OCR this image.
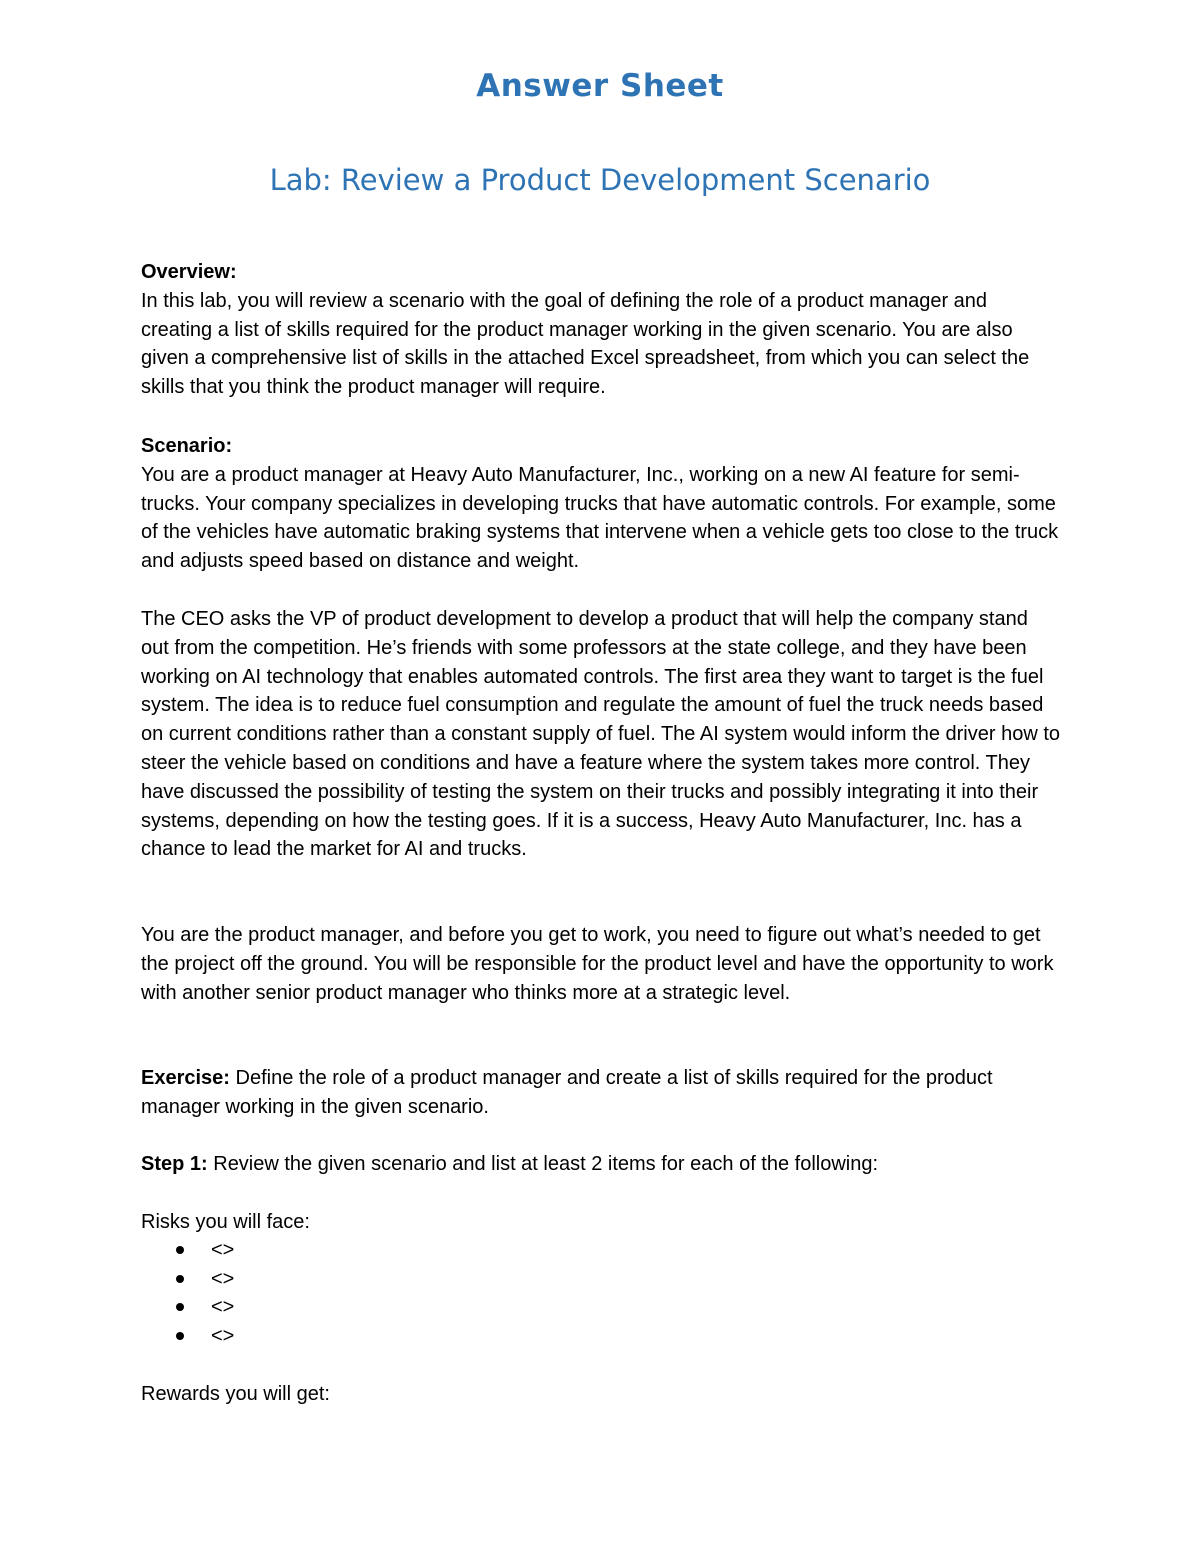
Answer Sheet
Lab: Review a Product Development Scenario
Overview:
In this lab, you will review a scenario with the goal of defining the role of a product manager and creating a list of skills required for the product manager working in the given scenario. You are also given a comprehensive list of skills in the attached Excel spreadsheet, from which you can select the skills that you think the product manager will require.
Scenario:
You are a product manager at Heavy Auto Manufacturer, Inc., working on a new AI feature for semi-trucks. Your company specializes in developing trucks that have automatic controls. For example, some of the vehicles have automatic braking systems that intervene when a vehicle gets too close to the truck and adjusts speed based on distance and weight.
The CEO asks the VP of product development to develop a product that will help the company stand out from the competition. He’s friends with some professors at the state college, and they have been working on AI technology that enables automated controls. The first area they want to target is the fuel system. The idea is to reduce fuel consumption and regulate the amount of fuel the truck needs based on current conditions rather than a constant supply of fuel. The AI system would inform the driver how to steer the vehicle based on conditions and have a feature where the system takes more control. They have discussed the possibility of testing the system on their trucks and possibly integrating it into their systems, depending on how the testing goes. If it is a success, Heavy Auto Manufacturer, Inc. has a chance to lead the market for AI and trucks.
You are the product manager, and before you get to work, you need to figure out what’s needed to get the project off the ground. You will be responsible for the product level and have the opportunity to work with another senior product manager who thinks more at a strategic level.
Exercise: Define the role of a product manager and create a list of skills required for the product manager working in the given scenario.
Step 1: Review the given scenario and list at least 2 items for each of the following:
Risks you will face:
<>
<>
<>
<>
Rewards you will get:
